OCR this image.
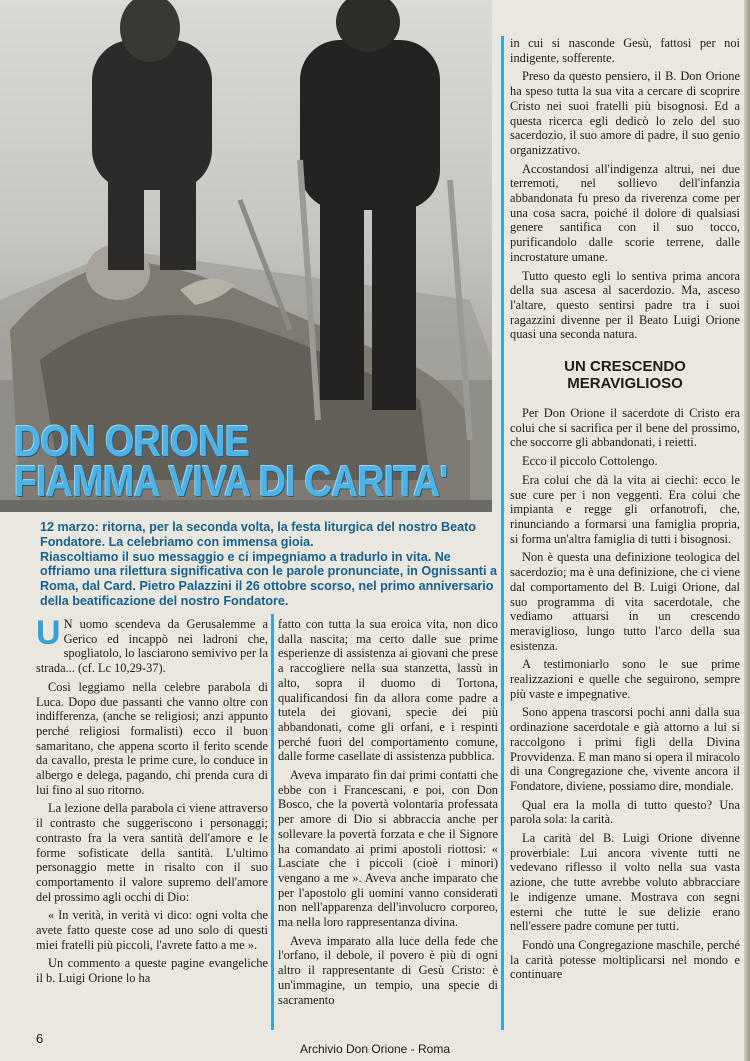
DON ORIONE
FIAMMA VIVA DI CARITA'

12 marzo: ritorna, per la seconda volta, la festa liturgica del nostro Beato Fondatore. La celebriamo con immensa gioia.

Riascoltiamo il suo messaggio e ci impegniamo a tradurlo in vita. Ne offriamo una rilettura significativa con le parole pronunciate, in Ognissanti a Roma, dal Card. Pietro Palazzini il 26 ottobre scorso, nel primo anniversario della beatificazione del nostro Fondatore.

U N uomo scendeva da Gerusalemme a Gerico ed incappò nei ladroni che, spogliatolo, lo lasciarono semivivo per la strada... (cf. Lc 10,29-37).

Così leggiamo nella celebre parabola di Luca. Dopo due passanti che vanno oltre con indifferenza, (anche se religiosi; anzi appunto perché religiosi formalisti) ecco il buon samaritano, che appena scorto il ferito scende da cavallo, presta le prime cure, lo conduce in albergo e delega, pagando, chi prenda cura di lui fino al suo ritorno.

La lezione della parabola ci viene attraverso il contrasto che suggeriscono i personaggi; contrasto fra la vera santità dell'amore e le forme sofisticate della santità. L'ultimo personaggio mette in risalto con il suo comportamento il valore supremo dell'amore del prossimo agli occhi di Dio:

« In verità, in verità vi dico: ogni volta che avete fatto queste cose ad uno solo di questi miei fratelli più piccoli, l'avrete fatto a me ».

Un commento a queste pagine evangeliche il b. Luigi Orione lo ha

fatto con tutta la sua eroica vita, non dico dalla nascita; ma certo dalle sue prime esperienze di assistenza ai giovani che prese a raccogliere nella sua stanzetta, lassù in alto, sopra il duomo di Tortona, qualificandosi fin da allora come padre a tutela dei giovani, specie dei più abbandonati, come gli orfani, e i respinti perché fuori del comportamento comune, dalle forme casellate di assistenza pubblica.

Aveva imparato fin dai primi contatti che ebbe con i Francescani, e poi, con Don Bosco, che la povertà volontaria professata per amore di Dio si abbraccia anche per sollevare la povertà forzata e che il Signore ha comandato ai primi apostoli riottosi: « Lasciate che i piccoli (cioè i minori) vengano a me ». Aveva anche imparato che per l'apostolo gli uomini vanno considerati non nell'apparenza dell'involucro corporeo, ma nella loro rappresentanza divina.

Aveva imparato alla luce della fede che l'orfano, il debole, il povero è più di ogni altro il rappresentante di Gesù Cristo: è un'immagine, un tempio, una specie di sacramento

in cui si nasconde Gesù, fattosi per noi indigente, sofferente.

Preso da questo pensiero, il B. Don Orione ha speso tutta la sua vita a cercare di scoprire Cristo nei suoi fratelli più bisognosi. Ed a questa ricerca egli dedicò lo zelo del suo sacerdozio, il suo amore di padre, il suo genio organizzativo.

Accostandosi all'indigenza altrui, nei due terremoti, nel sollievo dell'infanzia abbandonata fu preso da riverenza come per una cosa sacra, poiché il dolore di qualsiasi genere santifica con il suo tocco, purificandolo dalle scorie terrene, dalle incrostature umane.

Tutto questo egli lo sentiva prima ancora della sua ascesa al sacerdozio. Ma, asceso l'altare, questo sentirsi padre tra i suoi ragazzini divenne per il Beato Luigi Orione quasi una seconda natura.

UN CRESCENDO MERAVIGLIOSO

Per Don Orione il sacerdote di Cristo era colui che si sacrifica per il bene del prossimo, che soccorre gli abbandonati, i reietti.

Ecco il piccolo Cottolengo.

Era colui che dà la vita ai ciechi: ecco le sue cure per i non veggenti. Era colui che impianta e regge gli orfanotrofi, che, rinunciando a formarsi una famiglia propria, si forma un'altra famiglia di tutti i bisognosi.

Non è questa una definizione teologica del sacerdozio; ma è una definizione, che ci viene dal comportamento del B. Luigi Orione, dal suo programma di vita sacerdotale, che vediamo attuarsi in un crescendo meraviglioso, lungo tutto l'arco della sua esistenza.

A testimoniarlo sono le sue prime realizzazioni e quelle che seguirono, sempre più vaste e impegnative.

Sono appena trascorsi pochi anni dalla sua ordinazione sacerdotale e già attorno a lui si raccolgono i primi figli della Divina Provvidenza. E man mano si opera il miracolo di una Congregazione che, vivente ancora il Fondatore, diviene, possiamo dire, mondiale.

Qual era la molla di tutto questo? Una parola sola: la carità.

La carità del B. Luigi Orione divenne proverbiale: Lui ancora vivente tutti ne vedevano riflesso il volto nella sua vasta azione, che tutte avrebbe voluto abbracciare le indigenze umane. Mostrava con segni esterni che tutte le sue delizie erano nell'essere padre comune per tutti.

Fondò una Congregazione maschile, perché la carità potesse moltiplicarsi nel mondo e continuare

6
Archivio Don Orione - Roma
